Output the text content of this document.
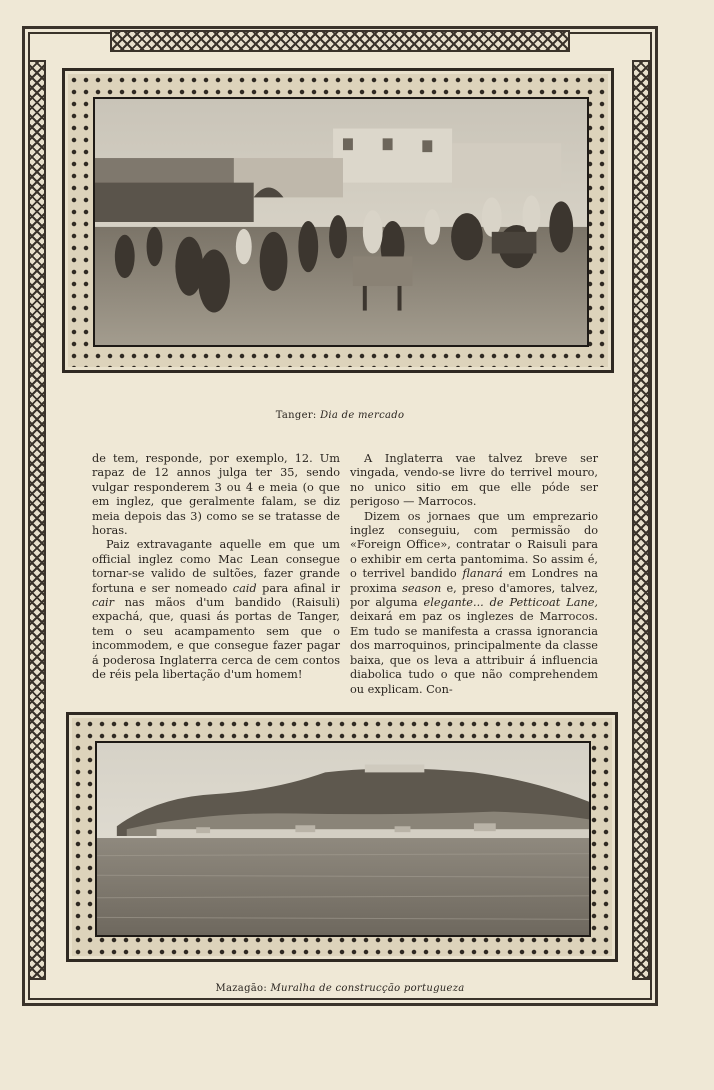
Tanger: Dia de mercado

de tem, responde, por exemplo, 12. Um rapaz de 12 annos julga ter 35, sendo vulgar responderem 3 ou 4 e meia (o que em inglez, que geralmente falam, se diz meia depois das 3) como se se tratasse de horas.

Paiz extravagante aquelle em que um official inglez como Mac Lean consegue tornar-se valido de sultões, fazer grande fortuna e ser nomeado caid para afinal ir cair nas mãos d'um bandido (Raisuli) expachá, que, quasi ás portas de Tanger, tem o seu acampamento sem que o incommodem, e que consegue fazer pagar á poderosa Inglaterra cerca de cem contos de réis pela libertação d'um homem!

A Inglaterra vae talvez breve ser vingada, vendo-se livre do terrivel mouro, no unico sitio em que elle póde ser perigoso — Marrocos.

Dizem os jornaes que um emprezario inglez conseguiu, com permissão do «Foreign Office», contratar o Raisuli para o exhibir em certa pantomima. So assim é, o terrivel bandido flanará em Londres na proxima season e, preso d'amores, talvez, por alguma elegante... de Petticoat Lane, deixará em paz os inglezes de Marrocos. Em tudo se manifesta a crassa ignorancia dos marroquinos, principalmente da classe baixa, que os leva a attribuir á influencia diabolica tudo o que não comprehendem ou explicam. Con-

Mazagão: Muralha de construcção portugueza
